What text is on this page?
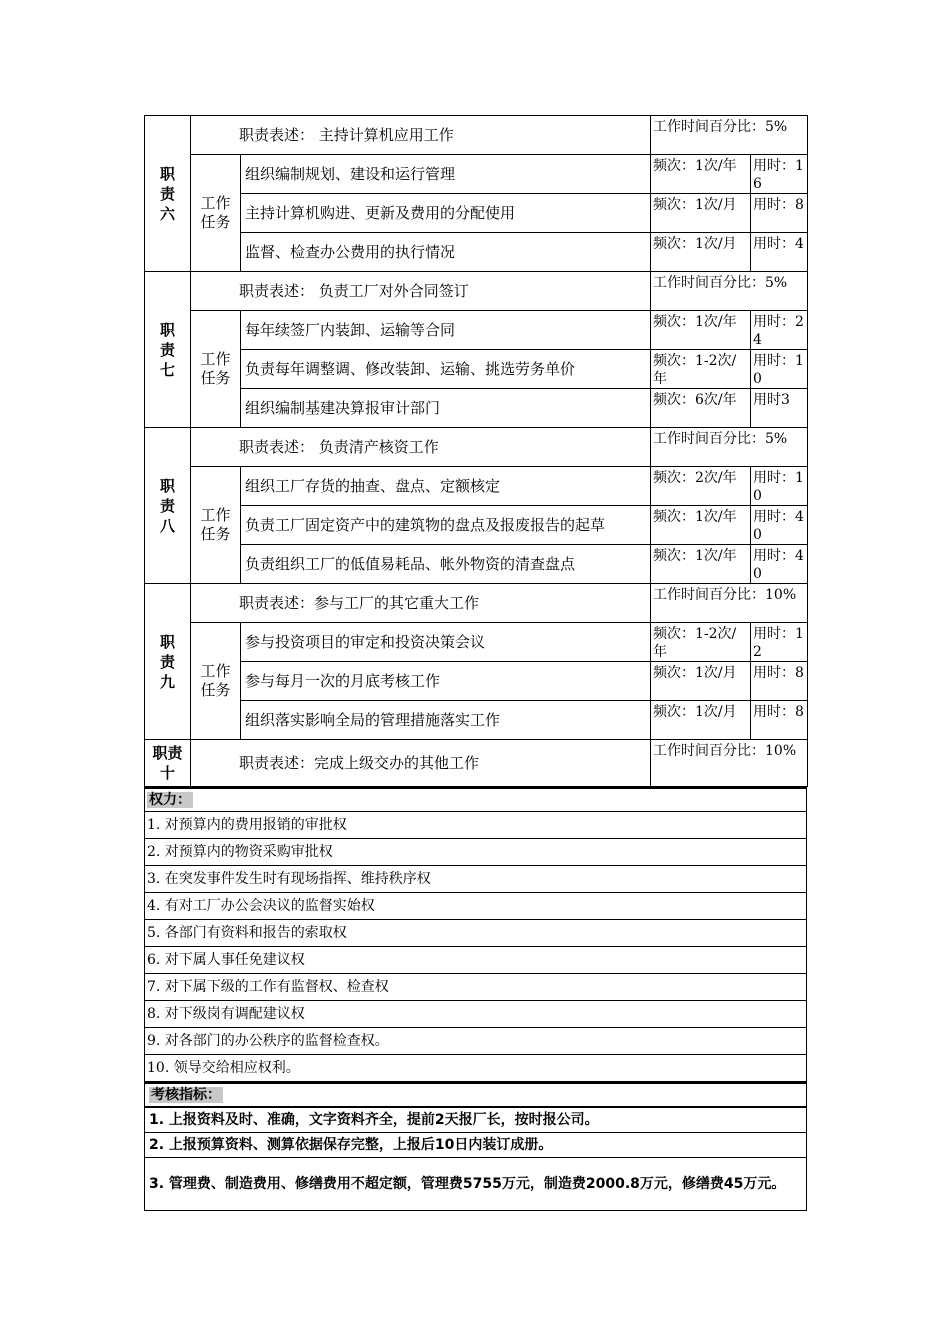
职
责
六	职责表述： 主持计算机应用工作		工作时间百分比：5%	

	工作
任务	组织编制规划、建设和运行管理	频次：1次/年	用时：16
		主持计算机购进、更新及费用的分配使用	频次：1次/月	用时：8
		监督、检查办公费用的执行情况	频次：1次/月	用时：4

职
责
七	职责表述： 负责工厂对外合同签订		工作时间百分比：5%	

	工作
任务	每年续签厂内装卸、运输等合同	频次：1次/年	用时：24
		负责每年调整调、修改装卸、运输、挑选劳务单价	频次：1-2次/年	用时：10
		组织编制基建决算报审计部门	频次：6次/年	用时3

职
责
八	职责表述： 负责清产核资工作		工作时间百分比：5%	

	工作
任务	组织工厂存货的抽查、盘点、定额核定	频次：2次/年	用时：10
		负责工厂固定资产中的建筑物的盘点及报废报告的起草	频次：1次/年	用时：40
		负责组织工厂的低值易耗品、帐外物资的清查盘点	频次：1次/年	用时：40

职
责
九	职责表述：参与工厂的其它重大工作		工作时间百分比：10%	

	工作
任务	参与投资项目的审定和投资决策会议	频次：1-2次/年	用时：12
		参与每月一次的月底考核工作	频次：1次/月	用时：8
		组织落实影响全局的管理措施落实工作	频次：1次/月	用时：8

职责
十	职责表述：完成上级交办的其他工作		工作时间百分比：10%	
权力：
1. 对预算内的费用报销的审批权
2. 对预算内的物资采购审批权
3. 在突发事件发生时有现场指挥、维持秩序权
4. 有对工厂办公会决议的监督实始权
5. 各部门有资料和报告的索取权
6. 对下属人事任免建议权
7. 对下属下级的工作有监督权、检查权
8. 对下级岗有调配建议权
9. 对各部门的办公秩序的监督检查权。
10. 领导交给相应权利。
考核指标：
1. 上报资料及时、准确，文字资料齐全，提前2天报厂长，按时报公司。
2. 上报预算资料、测算依据保存完整，上报后10日内装订成册。
3. 管理费、制造费用、修缮费用不超定额，管理费5755万元，制造费2000.8万元，修缮费45万元。
